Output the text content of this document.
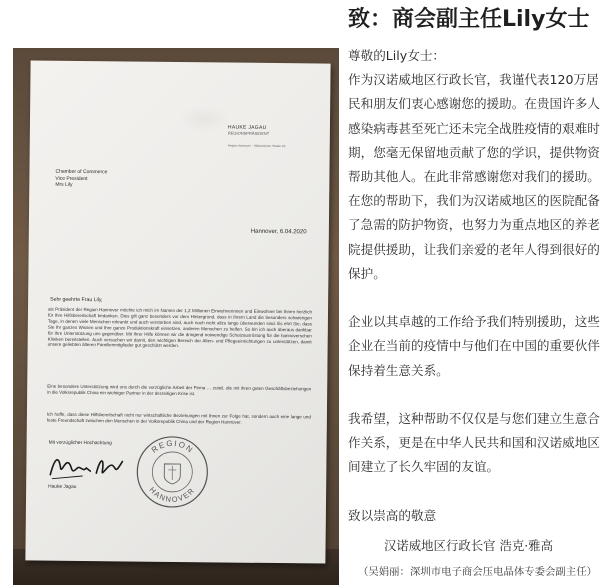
HAUKE JAGAU
REGIONSPRÄSIDENT
Region Hannover · Hildesheimer Straße 20
Chamber of Commerce
Vice President
Mrs Lily
Hannover, 6.04.2020
Sehr geehrte Frau Lily,
als Präsident der Region Hannover möchte ich mich im Namen der 1,2 Millionen Einwohnerinnen und Einwohner bei Ihnen herzlich für Ihre Hilfsbereitschaft bedanken. Dies gilt ganz besonders vor dem Hintergrund, dass in Ihrem Land die besonders schwierigen Tage, in denen viele Menschen erkrankt und auch verstorben sind, auch noch nicht allzu lange überwunden sind. Es ehrt Sie, dass Sie Ihr ganzes Wissen und Ihre ganze Produktionskraft einsetzen, anderen Menschen zu helfen. So bin ich auch überaus dankbar für Ihre Unterstützung uns gegenüber. Mit Ihrer Hilfe können wir die dringend notwendige Schutzausrüstung für die hannoverschen Kliniken bereitstellen. Auch versuchen wir damit, den wichtigen Bereich der Alten- und Pflegeeinrichtungen zu unterstützen, damit unsere geliebten älteren Familienmitglieder gut geschützt werden.
Eine besondere Unterstützung wird uns durch die vorzügliche Arbeit der Firma … zuteil, die mit ihren guten Geschäftsbeziehungen in die Volksrepublik China ein wichtiger Partner in der derzeitigen Krise ist.
Ich hoffe, dass diese Hilfsbereitschaft nicht nur wirtschaftliche Beziehungen mit Ihnen zur Folge hat, sondern auch eine lange und feste Freundschaft zwischen den Menschen in der Volksrepublik China und der Region Hannover.
Mit vorzüglicher Hochachtung
Hauke Jagau
REGION
HANNOVER
致：商会副主任Lily女士

尊敬的Lily女士：

作为汉诺威地区行政长官，我谨代表120万居民和朋友们衷心感谢您的援助。在贵国许多人感染病毒甚至死亡还未完全战胜疫情的艰难时期，您毫无保留地贡献了您的学识，提供物资帮助其他人。在此非常感谢您对我们的援助。在您的帮助下，我们为汉诺威地区的医院配备了急需的防护物资，也努力为重点地区的养老院提供援助，让我们亲爱的老年人得到很好的保护。

企业以其卓越的工作给予我们特别援助，这些企业在当前的疫情中与他们在中国的重要伙伴保持着生意关系。

我希望，这种帮助不仅仅是与您们建立生意合作关系，更是在中华人民共和国和汉诺威地区间建立了长久牢固的友谊。

致以崇高的敬意

汉诺威地区行政长官 浩克·雅高
（吴娟丽：深圳市电子商会压电晶体专委会副主任）
